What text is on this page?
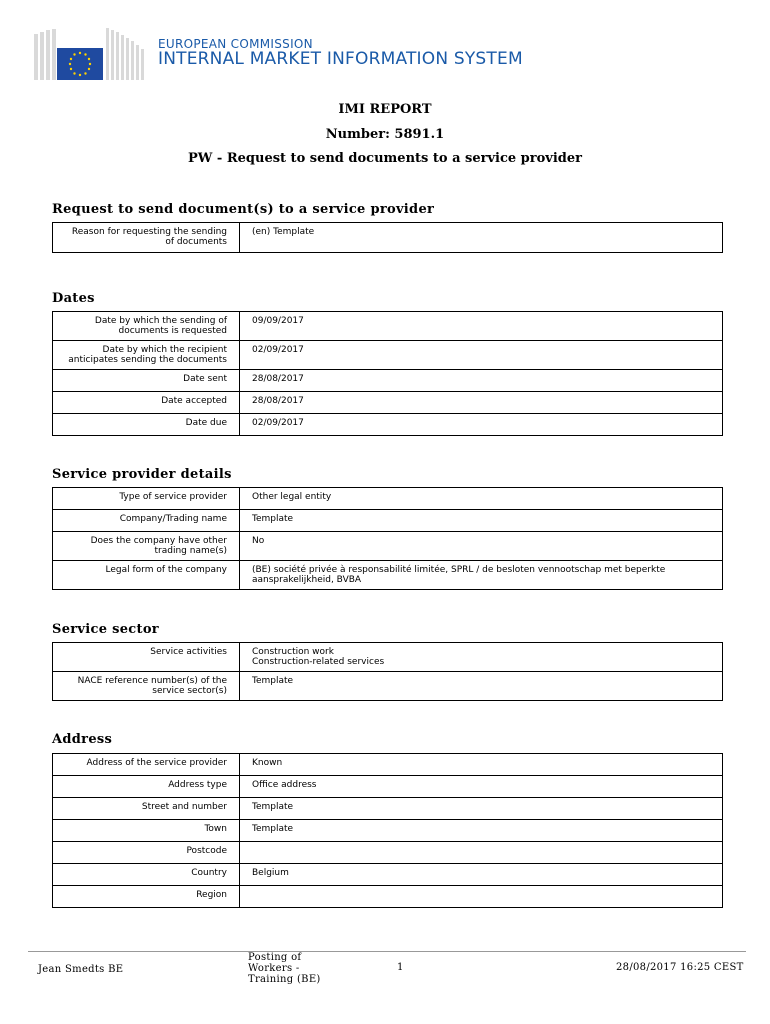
EUROPEAN COMMISSION
INTERNAL MARKET INFORMATION SYSTEM
IMI REPORT
Number: 5891.1
PW - Request to send documents to a service provider
Request to send document(s) to a service provider
Reason for requesting the sending of documents	(en) Template
Dates
Date by which the sending of documents is requested	09/09/2017
Date by which the recipient anticipates sending the documents	02/09/2017
Date sent	28/08/2017
Date accepted	28/08/2017
Date due	02/09/2017
Service provider details
Type of service provider	Other legal entity
Company/Trading name	Template
Does the company have other trading name(s)	No
Legal form of the company	(BE) société privée à responsabilité limitée, SPRL / de besloten vennootschap met beperkte aansprakelijkheid, BVBA
Service sector
Service activities	Construction work
Construction-related services
NACE reference number(s) of the service sector(s)	Template
Address
Address of the service provider	Known
Address type	Office address
Street and number	Template
Town	Template
Postcode	
Country	Belgium
Region	
Jean Smedts BE
Posting of Workers - Training (BE)
1	28/08/2017 16:25 CEST
